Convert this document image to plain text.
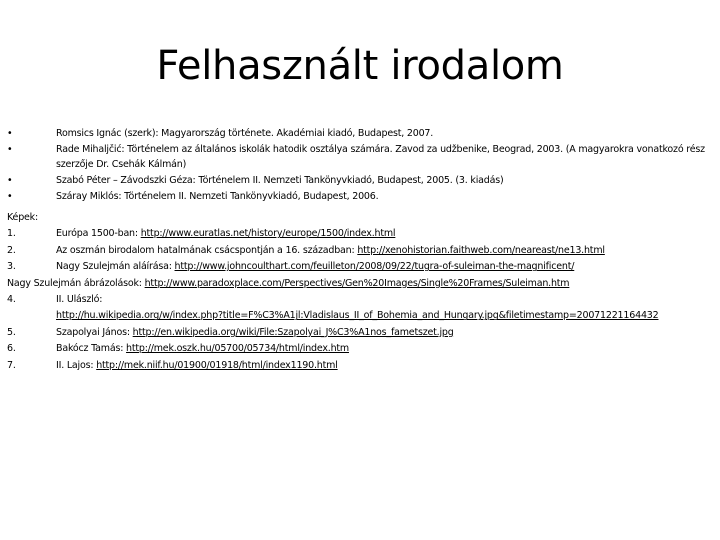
Felhasznált irodalom
•	Romsics Ignác (szerk): Magyarország története. Akadémiai kiadó, Budapest, 2007.
•	Rade Mihaljčić: Történelem az általános iskolák hatodik osztálya számára. Zavod za udžbenike, Beograd, 2003. (A magyarokra vonatkozó rész szerzője Dr. Csehák Kálmán)
•	Szabó Péter – Závodszki Géza: Történelem II. Nemzeti Tankönyvkiadó, Budapest, 2005. (3. kiadás)
•	Száray Miklós: Történelem II. Nemzeti Tankönyvkiadó, Budapest, 2006.
Képek:
1.	Európa 1500-ban: http://www.euratlas.net/history/europe/1500/index.html
2.	Az oszmán birodalom hatalmának csácspontján a 16. században: http://xenohistorian.faithweb.com/neareast/ne13.html
3.	Nagy Szulejmán aláírása: http://www.johncoulthart.com/feuilleton/2008/09/22/tugra-of-suleiman-the-magnificent/
Nagy Szulejmán ábrázolások: http://www.paradoxplace.com/Perspectives/Gen%20Images/Single%20Frames/Suleiman.htm
4.	II. Ulászló:
http://hu.wikipedia.org/w/index.php?title=F%C3%A1jl:Vladislaus_II_of_Bohemia_and_Hungary.jpg&filetimestamp=20071221164432
5.	Szapolyai János: http://en.wikipedia.org/wiki/File:Szapolyai_J%C3%A1nos_fametszet.jpg
6.	Bakócz Tamás: http://mek.oszk.hu/05700/05734/html/index.htm
7.	II. Lajos: http://mek.niif.hu/01900/01918/html/index1190.html
